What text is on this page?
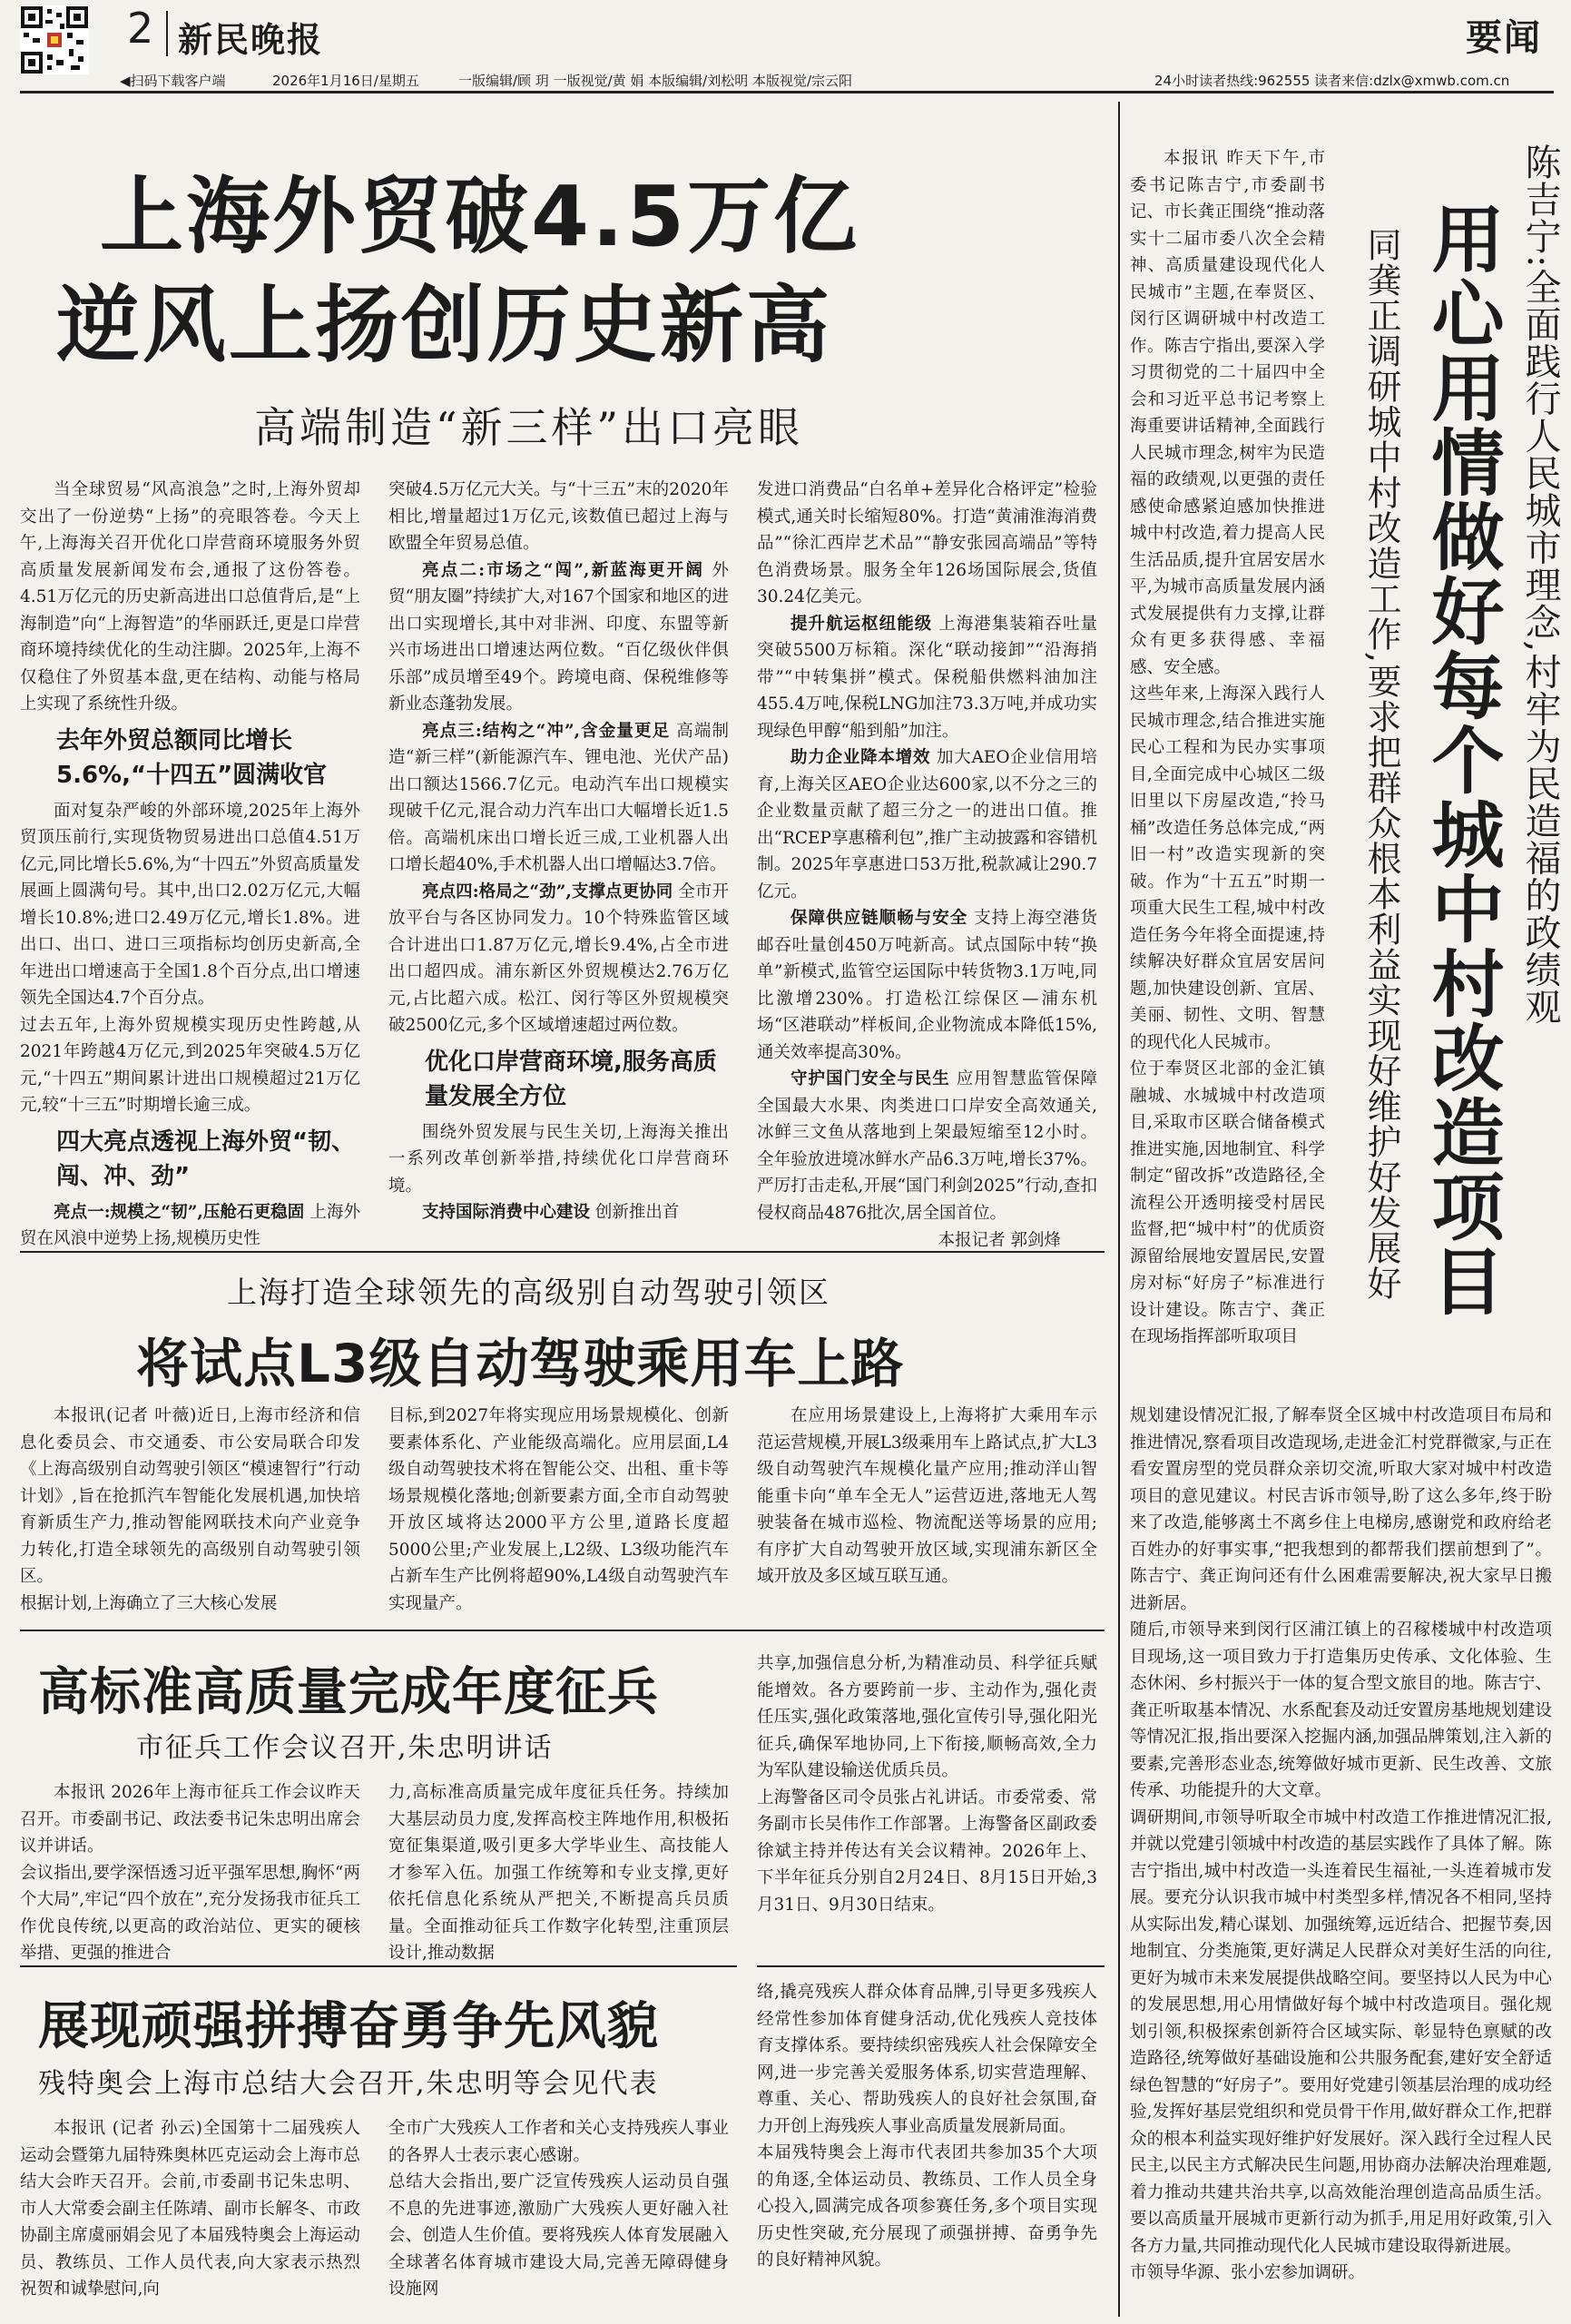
2 新民晚报	要闻
◀扫码下载客户端	2026年1月16日/星期五	一版编辑/顾 玥 一版视觉/黄 娟 本版编辑/刘松明 本版视觉/宗云阳	24小时读者热线:962555 读者来信:dzlx@xmwb.com.cn
上海外贸破4.5万亿
逆风上扬创历史新高
高端制造“新三样”出口亮眼
当全球贸易“风高浪急”之时,上海外贸却交出了一份逆势“上扬”的亮眼答卷。今天上午,上海海关召开优化口岸营商环境服务外贸高质量发展新闻发布会,通报了这份答卷。4.51万亿元的历史新高进出口总值背后,是“上海制造”向“上海智造”的华丽跃迁,更是口岸营商环境持续优化的生动注脚。2025年,上海不仅稳住了外贸基本盘,更在结构、动能与格局上实现了系统性升级。
去年外贸总额同比增长5.6%,“十四五”圆满收官
面对复杂严峻的外部环境,2025年上海外贸顶压前行,实现货物贸易进出口总值4.51万亿元,同比增长5.6%,为“十四五”外贸高质量发展画上圆满句号。其中,出口2.02万亿元,大幅增长10.8%;进口2.49万亿元,增长1.8%。进出口、出口、进口三项指标均创历史新高,全年进出口增速高于全国1.8个百分点,出口增速领先全国达4.7个百分点。
过去五年,上海外贸规模实现历史性跨越,从2021年跨越4万亿元,到2025年突破4.5万亿元,“十四五”期间累计进出口规模超过21万亿元,较“十三五”时期增长逾三成。
四大亮点透视上海外贸“韧、闯、冲、劲”
亮点一:规模之“韧”,压舱石更稳固 上海外贸在风浪中逆势上扬,规模历史性
突破4.5万亿元大关。与“十三五”末的2020年相比,增量超过1万亿元,该数值已超过上海与欧盟全年贸易总值。
亮点二:市场之“闯”,新蓝海更开阔 外贸“朋友圈”持续扩大,对167个国家和地区的进出口实现增长,其中对非洲、印度、东盟等新兴市场进出口增速达两位数。“百亿级伙伴俱乐部”成员增至49个。跨境电商、保税维修等新业态蓬勃发展。
亮点三:结构之“冲”,含金量更足 高端制造“新三样”(新能源汽车、锂电池、光伏产品)出口额达1566.7亿元。电动汽车出口规模实现破千亿元,混合动力汽车出口大幅增长近1.5倍。高端机床出口增长近三成,工业机器人出口增长超40%,手术机器人出口增幅达3.7倍。
亮点四:格局之“劲”,支撑点更协同 全市开放平台与各区协同发力。10个特殊监管区域合计进出口1.87万亿元,增长9.4%,占全市进出口超四成。浦东新区外贸规模达2.76万亿元,占比超六成。松江、闵行等区外贸规模突破2500亿元,多个区域增速超过两位数。
优化口岸营商环境,服务高质量发展全方位
围绕外贸发展与民生关切,上海海关推出一系列改革创新举措,持续优化口岸营商环境。
支持国际消费中心建设 创新推出首
发进口消费品“白名单+差异化合格评定”检验模式,通关时长缩短80%。打造“黄浦淮海消费品”“徐汇西岸艺术品”“静安张园高端品”等特色消费场景。服务全年126场国际展会,货值30.24亿美元。
提升航运枢纽能级 上海港集装箱吞吐量突破5500万标箱。深化“联动接卸”“沿海捎带”“中转集拼”模式。保税船供燃料油加注455.4万吨,保税LNG加注73.3万吨,并成功实现绿色甲醇“船到船”加注。
助力企业降本增效 加大AEO企业信用培育,上海关区AEO企业达600家,以不分之三的企业数量贡献了超三分之一的进出口值。推出“RCEP享惠稽利包”,推广主动披露和容错机制。2025年享惠进口53万批,税款减让290.7亿元。
保障供应链顺畅与安全 支持上海空港货邮吞吐量创450万吨新高。试点国际中转“换单”新模式,监管空运国际中转货物3.1万吨,同比激增230%。打造松江综保区—浦东机场“区港联动”样板间,企业物流成本降低15%,通关效率提高30%。
守护国门安全与民生 应用智慧监管保障全国最大水果、肉类进口口岸安全高效通关,冰鲜三文鱼从落地到上架最短缩至12小时。全年验放进境冰鲜水产品6.3万吨,增长37%。严厉打击走私,开展“国门利剑2025”行动,查扣侵权商品4876批次,居全国首位。
本报记者 郭剑烽
上海打造全球领先的高级别自动驾驶引领区
将试点L3级自动驾驶乘用车上路
本报讯(记者 叶薇)近日,上海市经济和信息化委员会、市交通委、市公安局联合印发《上海高级别自动驾驶引领区“模速智行”行动计划》,旨在抢抓汽车智能化发展机遇,加快培育新质生产力,推动智能网联技术向产业竞争力转化,打造全球领先的高级别自动驾驶引领区。
根据计划,上海确立了三大核心发展
目标,到2027年将实现应用场景规模化、创新要素体系化、产业能级高端化。应用层面,L4级自动驾驶技术将在智能公交、出租、重卡等场景规模化落地;创新要素方面,全市自动驾驶开放区域将达2000平方公里,道路长度超5000公里;产业发展上,L2级、L3级功能汽车占新车生产比例将超90%,L4级自动驾驶汽车实现量产。
在应用场景建设上,上海将扩大乘用车示范运营规模,开展L3级乘用车上路试点,扩大L3级自动驾驶汽车规模化量产应用;推动洋山智能重卡向“单车全无人”运营迈进,落地无人驾驶装备在城市巡检、物流配送等场景的应用;有序扩大自动驾驶开放区域,实现浦东新区全域开放及多区域互联互通。
高标准高质量完成年度征兵
市征兵工作会议召开,朱忠明讲话
本报讯 2026年上海市征兵工作会议昨天召开。市委副书记、政法委书记朱忠明出席会议并讲话。
会议指出,要学深悟透习近平强军思想,胸怀“两个大局”,牢记“四个放在”,充分发扬我市征兵工作优良传统,以更高的政治站位、更实的硬核举措、更强的推进合
力,高标准高质量完成年度征兵任务。持续加大基层动员力度,发挥高校主阵地作用,积极拓宽征集渠道,吸引更多大学毕业生、高技能人才参军入伍。加强工作统筹和专业支撑,更好依托信息化系统从严把关,不断提高兵员质量。全面推动征兵工作数字化转型,注重顶层设计,推动数据
共享,加强信息分析,为精准动员、科学征兵赋能增效。各方要跨前一步、主动作为,强化责任压实,强化政策落地,强化宣传引导,强化阳光征兵,确保军地协同,上下衔接,顺畅高效,全力为军队建设输送优质兵员。
上海警备区司令员张占礼讲话。市委常委、常务副市长吴伟作工作部署。上海警备区副政委徐斌主持并传达有关会议精神。2026年上、下半年征兵分别自2月24日、8月15日开始,3月31日、9月30日结束。
展现顽强拼搏奋勇争先风貌
残特奥会上海市总结大会召开,朱忠明等会见代表
本报讯 (记者 孙云)全国第十二届残疾人运动会暨第九届特殊奥林匹克运动会上海市总结大会昨天召开。会前,市委副书记朱忠明、市人大常委会副主任陈靖、副市长解冬、市政协副主席虞丽娟会见了本届残特奥会上海运动员、教练员、工作人员代表,向大家表示热烈祝贺和诚挚慰问,向
全市广大残疾人工作者和关心支持残疾人事业的各界人士表示衷心感谢。
总结大会指出,要广泛宣传残疾人运动员自强不息的先进事迹,激励广大残疾人更好融入社会、创造人生价值。要将残疾人体育发展融入全球著名体育城市建设大局,完善无障碍健身设施网
络,撬亮残疾人群众体育品牌,引导更多残疾人经常性参加体育健身活动,优化残疾人竞技体育支撑体系。要持续织密残疾人社会保障安全网,进一步完善关爱服务体系,切实营造理解、尊重、关心、帮助残疾人的良好社会氛围,奋力开创上海残疾人事业高质量发展新局面。
本届残特奥会上海市代表团共参加35个大项的角逐,全体运动员、教练员、工作人员全身心投入,圆满完成各项参赛任务,多个项目实现历史性突破,充分展现了顽强拼搏、奋勇争先的良好精神风貌。
本报讯 昨天下午,市委书记陈吉宁,市委副书记、市长龚正围绕“推动落实十二届市委八次全会精神、高质量建设现代化人民城市”主题,在奉贤区、闵行区调研城中村改造工作。陈吉宁指出,要深入学习贯彻党的二十届四中全会和习近平总书记考察上海重要讲话精神,全面践行人民城市理念,树牢为民造福的政绩观,以更强的责任感使命感紧迫感加快推进城中村改造,着力提高人民生活品质,提升宜居安居水平,为城市高质量发展内涵式发展提供有力支撑,让群众有更多获得感、幸福感、安全感。
这些年来,上海深入践行人民城市理念,结合推进实施民心工程和为民办实事项目,全面完成中心城区二级旧里以下房屋改造,“拎马桶”改造任务总体完成,“两旧一村”改造实现新的突破。作为“十五五”时期一项重大民生工程,城中村改造任务今年将全面提速,持续解决好群众宜居安居问题,加快建设创新、宜居、美丽、韧性、文明、智慧的现代化人民城市。
位于奉贤区北部的金汇镇融城、水城城中村改造项目,采取市区联合储备模式推进实施,因地制宜、科学制定“留改拆”改造路径,全流程公开透明接受村居民监督,把“城中村”的优质资源留给展地安置居民,安置房对标“好房子”标准进行设计建设。陈吉宁、龚正在现场指挥部听取项目
陈吉宁:全面践行人民城市理念,村牢为民造福的政绩观
用心用情做好每个城中村改造项目
同龚正调研城中村改造工作,要求把群众根本利益实现好维护好发展好
规划建设情况汇报,了解奉贤全区城中村改造项目布局和推进情况,察看项目改造现场,走进金汇村党群微家,与正在看安置房型的党员群众亲切交流,听取大家对城中村改造项目的意见建议。村民吉诉市领导,盼了这么多年,终于盼来了改造,能够离土不离乡住上电梯房,感谢党和政府给老百姓办的好事实事,“把我想到的都帮我们摆前想到了”。陈吉宁、龚正询问还有什么困难需要解决,祝大家早日搬进新居。
随后,市领导来到闵行区浦江镇上的召稼楼城中村改造项目现场,这一项目致力于打造集历史传承、文化体验、生态休闲、乡村振兴于一体的复合型文旅目的地。陈吉宁、龚正听取基本情况、水系配套及动迁安置房基地规划建设等情况汇报,指出要深入挖掘内涵,加强品牌策划,注入新的要素,完善形态业态,统筹做好城市更新、民生改善、文旅传承、功能提升的大文章。
调研期间,市领导听取全市城中村改造工作推进情况汇报,并就以党建引领城中村改造的基层实践作了具体了解。陈吉宁指出,城中村改造一头连着民生福祉,一头连着城市发展。要充分认识我市城中村类型多样,情况各不相同,坚持从实际出发,精心谋划、加强统筹,远近结合、把握节奏,因地制宜、分类施策,更好满足人民群众对美好生活的向往,更好为城市未来发展提供战略空间。要坚持以人民为中心的发展思想,用心用情做好每个城中村改造项目。强化规划引领,积极探索创新符合区域实际、彰显特色禀赋的改造路径,统筹做好基础设施和公共服务配套,建好安全舒适绿色智慧的“好房子”。要用好党建引领基层治理的成功经验,发挥好基层党组织和党员骨干作用,做好群众工作,把群众的根本利益实现好维护好发展好。深入践行全过程人民民主,以民主方式解决民生问题,用协商办法解决治理难题,着力推动共建共治共享,以高效能治理创造高品质生活。要以高质量开展城市更新行动为抓手,用足用好政策,引入各方力量,共同推动现代化人民城市建设取得新进展。
市领导华源、张小宏参加调研。
